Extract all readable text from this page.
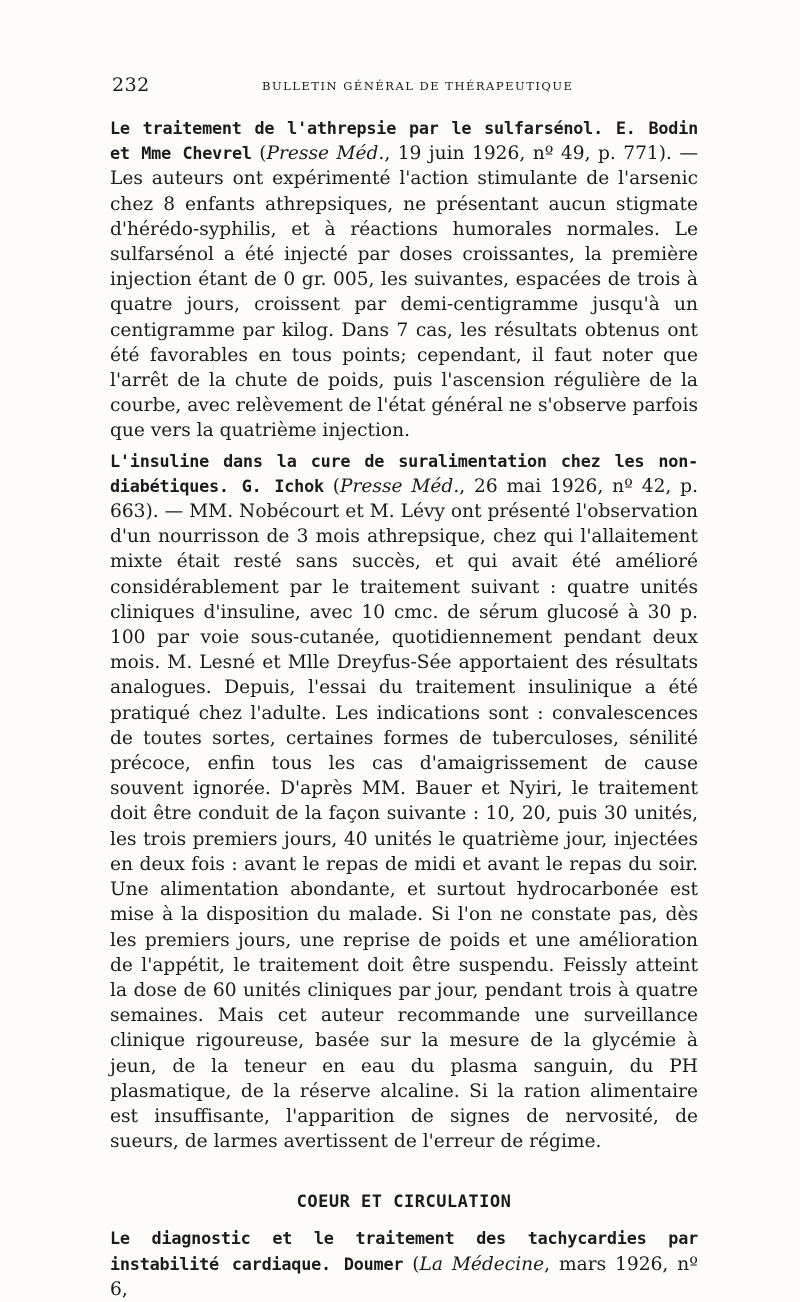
232	BULLETIN GÉNÉRAL DE THÉRAPEUTIQUE

Le traitement de l'athrepsie par le sulfarsénol. E. Bodin et Mme Chevrel (Presse Méd., 19 juin 1926, nº 49, p. 771). — Les auteurs ont expérimenté l'action stimulante de l'arsenic chez 8 enfants athrepsiques, ne présentant aucun stigmate d'hérédo-syphilis, et à réactions humorales normales. Le sulfarsénol a été injecté par doses croissantes, la première injection étant de 0 gr. 005, les suivantes, espacées de trois à quatre jours, croissent par demi-centigramme jusqu'à un centigramme par kilog. Dans 7 cas, les résultats obtenus ont été favorables en tous points; cependant, il faut noter que l'arrêt de la chute de poids, puis l'ascension régulière de la courbe, avec relèvement de l'état général ne s'observe parfois que vers la quatrième injection.

L'insuline dans la cure de suralimentation chez les non-diabétiques. G. Ichok (Presse Méd., 26 mai 1926, nº 42, p. 663). — MM. Nobécourt et M. Lévy ont présenté l'observation d'un nourrisson de 3 mois athrepsique, chez qui l'allaitement mixte était resté sans succès, et qui avait été amélioré considérablement par le traitement suivant : quatre unités cliniques d'insuline, avec 10 cmc. de sérum glucosé à 30 p. 100 par voie sous-cutanée, quotidiennement pendant deux mois. M. Lesné et Mlle Dreyfus-Sée apportaient des résultats analogues. Depuis, l'essai du traitement insulinique a été pratiqué chez l'adulte. Les indications sont : convalescences de toutes sortes, certaines formes de tuberculoses, sénilité précoce, enfin tous les cas d'amaigrissement de cause souvent ignorée. D'après MM. Bauer et Nyiri, le traitement doit être conduit de la façon suivante : 10, 20, puis 30 unités, les trois premiers jours, 40 unités le quatrième jour, injectées en deux fois : avant le repas de midi et avant le repas du soir. Une alimentation abondante, et surtout hydrocarbonée est mise à la disposition du malade. Si l'on ne constate pas, dès les premiers jours, une reprise de poids et une amélioration de l'appétit, le traitement doit être suspendu. Feissly atteint la dose de 60 unités cliniques par jour, pendant trois à quatre semaines. Mais cet auteur recommande une surveillance clinique rigoureuse, basée sur la mesure de la glycémie à jeun, de la teneur en eau du plasma sanguin, du PH plasmatique, de la réserve alcaline. Si la ration alimentaire est insuffisante, l'apparition de signes de nervosité, de sueurs, de larmes avertissent de l'erreur de régime.

COEUR ET CIRCULATION

Le diagnostic et le traitement des tachycardies par instabilité cardiaque. Doumer (La Médecine, mars 1926, nº 6,
